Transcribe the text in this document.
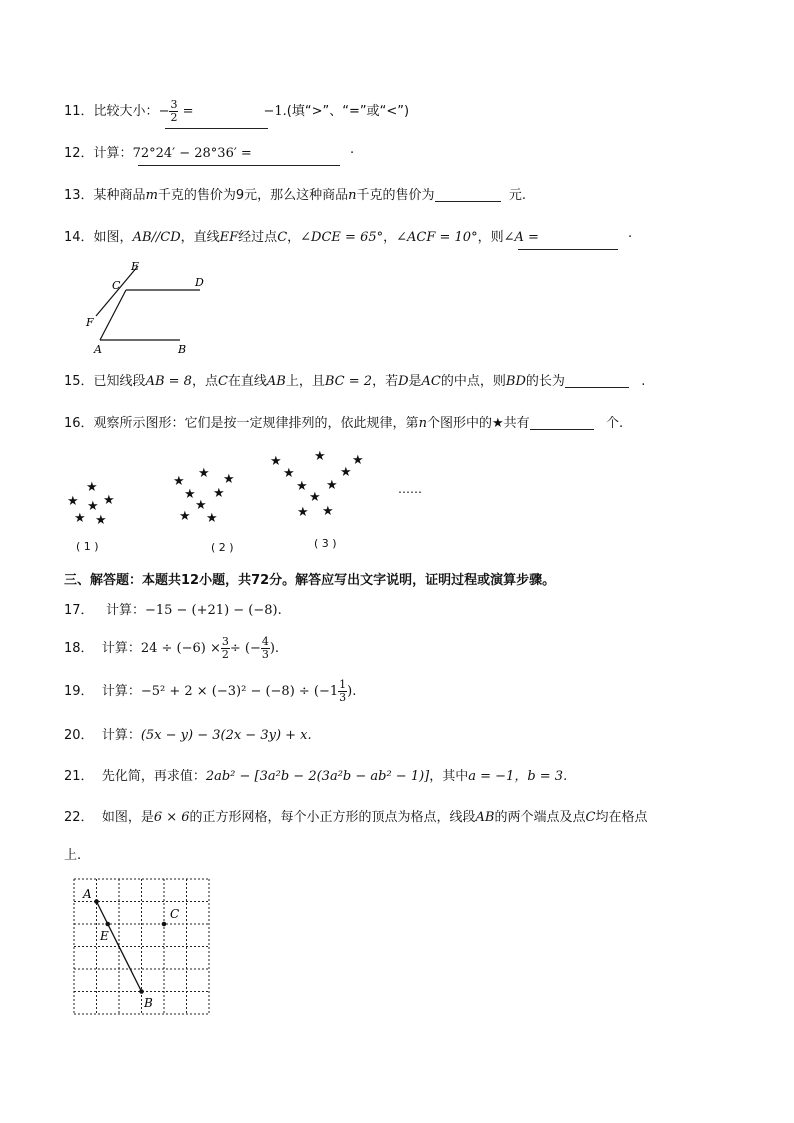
11．比较大小：− $\frac{3}{2}$ =	−1.(填“>”、“=”或“<”)
12．计算：72°24′ − 28°36′ =	.
13．某种商品m千克的售价为9元，那么这种商品n千克的售价为	元.
14．如图，AB//CD，直线EF经过点C，∠DCE = 65°，∠ACF = 10°，则∠A =	.
E
C	D
F
A	B
15．已知线段AB = 8，点C在直线AB上，且BC = 2，若D是AC的中点，则BD的长为	.
16．观察所示图形：它们是按一定规律排列的，依此规律，第n个图形中的★共有	个.
★
★
★
★
★ ★
★
★ ★
★ ★
★
★ ★
★ ★ ★
★	★
★ ★
★
★ ★
( 1 )	( 2 )	( 3 )
……
三、解答题：本题共12小题，共72分。解答应写出文字说明，证明过程或演算步骤。
17． 计算：−15 − (+21) − (−8).
18． 计算：$24 \div (-6) \times \frac{3}{2}$ ÷ (− $\frac{4}{3}$ ).
19． 计算：$-5^2 + 2 \times (-3)^2 - (-8) \div (-1 \frac{1}{3}$ ).
20． 计算：(5x − y) − 3(2x − 3y) + x.
21． 先化简，再求值：2ab² − [3a²b − 2(3a²b − ab² − 1)]，其中a = −1，b = 3.
22． 如图，是6 × 6的正方形网格，每个小正方形的顶点为格点，线段AB的两个端点及点C均在格点
上.
A
E
C
B
